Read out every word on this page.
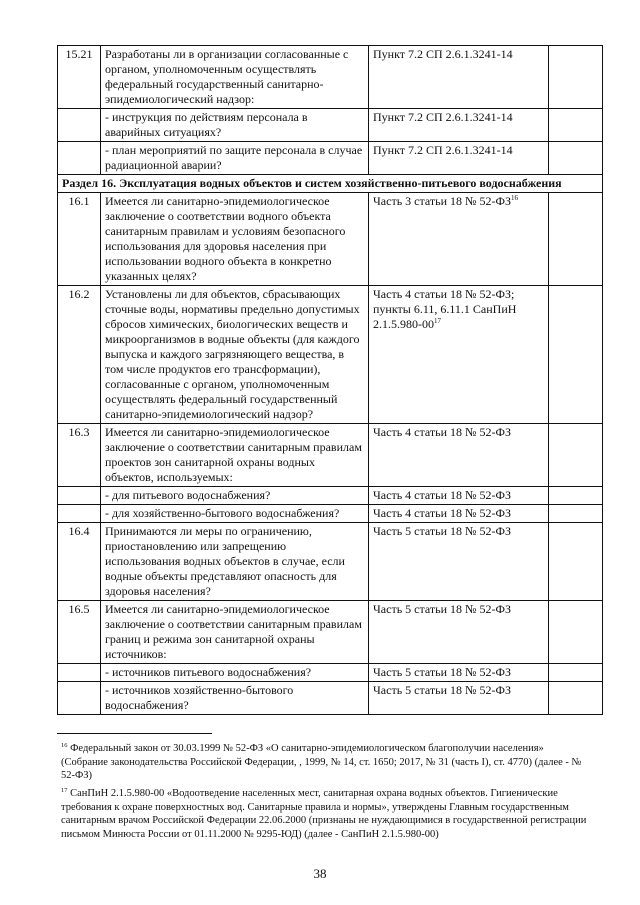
15.21	Разработаны ли в организации согласованные с органом, уполномоченным осуществлять федеральный государственный санитарно-эпидемиологический надзор:	Пункт 7.2 СП 2.6.1.3241-14	
	- инструкция по действиям персонала в аварийных ситуациях?	Пункт 7.2 СП 2.6.1.3241-14	
	- план мероприятий по защите персонала в случае радиационной аварии?	Пункт 7.2 СП 2.6.1.3241-14	
Раздел 16. Эксплуатация водных объектов и систем хозяйственно-питьевого водоснабжения			
16.1	Имеется ли санитарно-эпидемиологическое заключение о соответствии водного объекта санитарным правилам и условиям безопасного использования для здоровья населения при использовании водного объекта в конкретно указанных целях?	Часть 3 статьи 18 № 52-ФЗ$^{16}$	
16.2	Установлены ли для объектов, сбрасывающих сточные воды, нормативы предельно допустимых сбросов химических, биологических веществ и микроорганизмов в водные объекты (для каждого выпуска и каждого загрязняющего вещества, в том числе продуктов его трансформации), согласованные с органом, уполномоченным осуществлять федеральный государственный санитарно-эпидемиологический надзор?	Часть 4 статьи 18 № 52-ФЗ; пункты 6.11, 6.11.1 СанПиН $2.1.5.980-00^{17}$	
16.3	Имеется ли санитарно-эпидемиологическое заключение о соответствии санитарным правилам проектов зон санитарной охраны водных объектов, используемых:	Часть 4 статьи 18 № 52-ФЗ	
	- для питьевого водоснабжения?	Часть 4 статьи 18 № 52-ФЗ	
	- для хозяйственно-бытового водоснабжения?	Часть 4 статьи 18 № 52-ФЗ	
16.4	Принимаются ли меры по ограничению, приостановлению или запрещению использования водных объектов в случае, если водные объекты представляют опасность для здоровья населения?	Часть 5 статьи 18 № 52-ФЗ	
16.5	Имеется ли санитарно-эпидемиологическое заключение о соответствии санитарным правилам границ и режима зон санитарной охраны источников:	Часть 5 статьи 18 № 52-ФЗ	
	- источников питьевого водоснабжения?	Часть 5 статьи 18 № 52-ФЗ	
	- источников хозяйственно-бытового водоснабжения?	Часть 5 статьи 18 № 52-ФЗ	
$^{16}$ Федеральный закон от 30.03.1999 № 52-ФЗ «О санитарно-эпидемиологическом благополучии населения» (Собрание законодательства Российской Федерации, , 1999, № 14, ст. 1650; 2017, № 31 (часть I), ст. 4770) (далее - № 52-ФЗ)
$^{17}$ СанПиН 2.1.5.980-00 «Водоотведение населенных мест, санитарная охрана водных объектов. Гигиенические требования к охране поверхностных вод. Санитарные правила и нормы», утверждены Главным государственным санитарным врачом Российской Федерации 22.06.2000 (признаны не нуждающимися в государственной регистрации письмом Минюста России от 01.11.2000 № 9295-ЮД) (далее - СанПиН 2.1.5.980-00)
38
